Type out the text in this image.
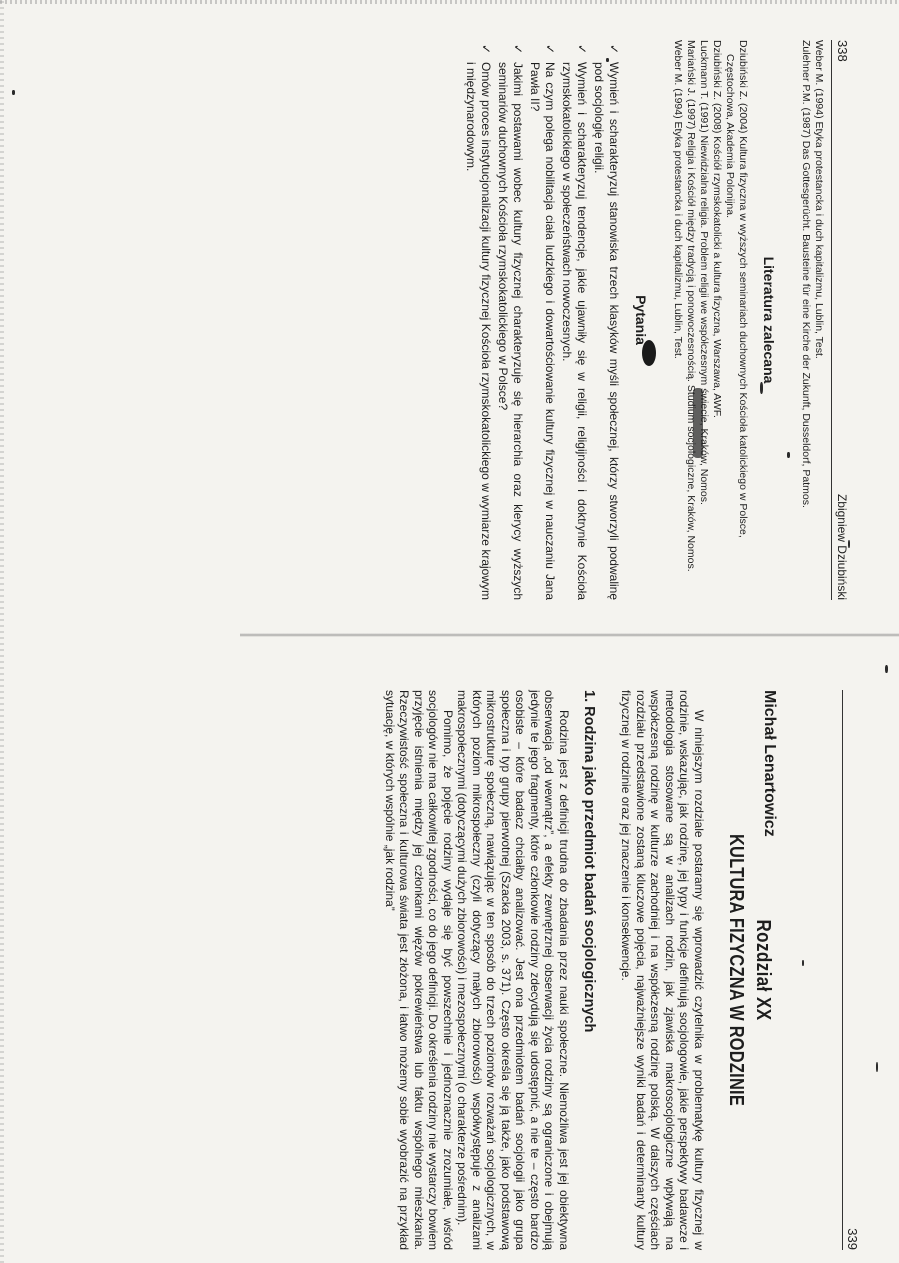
338
Zbigniew Dziubiński
Weber M. (1994) Etyka protestancka i duch kapitalizmu, Lublin, Test.
Zulehner P.M. (1987) Das Gottesgerücht. Bausteine für eine Kirche der Zukunft, Dusseldorf, Patmos.
Literatura zalecana
Dziubiński Z. (2004) Kultura fizyczna w wyższych seminariach duchownych Kościoła katolickiego w Polsce, Częstochowa, Akademia Polonijna.
Dziubiński Z. (2008) Kościół rzymskokatolicki a kultura fizyczna, Warszawa, AWF.
Luckmann T. (1991) Niewidzialna religia. Problem religii we współczesnym świecie, Kraków, Nomos.
Mariański J. (1997) Religia i Kościół między tradycją i ponowoczesnością. Studium socjologiczne, Kraków, Nomos.
Weber M. (1994) Etyka protestancka i duch kapitalizmu, Lublin, Test.
Pytania
✓ Wymień i scharakteryzuj stanowiska trzech klasyków myśli społecznej, którzy stworzyli podwalinę pod socjologię religii.
✓ Wymień i scharakteryzuj tendencje, jakie ujawniły się w religii, religijności i doktrynie Kościoła rzymskokatolickiego w społeczeństwach nowoczesnych.
✓ Na czym polega nobilitacja ciała ludzkiego i dowartościowanie kultury fizycznej w nauczaniu Jana Pawła II?
✓ Jakimi postawami wobec kultury fizycznej charakteryzuje się hierarchia oraz klerycy wyższych seminariów duchownych Kościoła rzymskokatolickiego w Polsce?
✓ Omów proces instytucjonalizacji kultury fizycznej Kościoła rzymskokatolickiego w wymiarze krajowym i międzynarodowym.
339
Michał Lenartowicz
Rozdział XX
KULTURA FIZYCZNA W RODZINIE

W niniejszym rozdziale postaramy się wprowadzić czytelnika w problematykę kultury fizycznej w rodzinie, wskazując, jak rodzinę, jej typy i funkcje definiują socjologowie, jakie perspektywy badawcze i metodologia stosowane są w analizach rodzin, jak zjawiska makrosocjologiczne wpływają na współczesną rodzinę w kulturze zachodniej i na współczesną rodzinę polską. W dalszych częściach rozdziału przedstawione zostaną kluczowe pojęcia, najważniejsze wyniki badań i determinanty kultury fizycznej w rodzinie oraz jej znaczenie i konsekwencje.

1. Rodzina jako przedmiot badań socjologicznych

Rodzina jest z definicji trudna do zbadania przez nauki społeczne. Niemożliwa jest jej obiektywna obserwacja „od wewnątrz”, a efekty zewnętrznej obserwacji życia rodziny są ograniczone i obejmują jedynie te jego fragmenty, które członkowie rodziny zdecydują się udostępnić, a nie te – często bardzo osobiste – które badacz chciałby analizować. Jest ona przedmiotem badań socjologii jako grupa społeczna i typ grupy pierwotnej (Szacka 2003, s. 371). Często określa się ją także, jako podstawową mikrostrukturę społeczną, nawiązując w ten sposób do trzech poziomów rozważań socjologicznych, w których poziom mikrospołeczny (czyli dotyczący małych zbiorowości) współwystępuje z analizami makrospołecznymi (dotyczącymi dużych zbiorowości) i mezospołecznymi (o charakterze pośrednim).

Pomimo, że pojęcie rodziny wydaje się być powszechnie i jednoznacznie zrozumiałe, wśród socjologów nie ma całkowitej zgodności, co do jego definicji. Do określenia rodziny nie wystarczy bowiem przyjęcie istnienia między jej członkami więzów pokrewieństwa lub faktu wspólnego mieszkania. Rzeczywistość społeczna i kulturowa świata jest złożona, i łatwo możemy sobie wyobrazić na przykład sytuację, w których wspólnie „jak rodzina”
